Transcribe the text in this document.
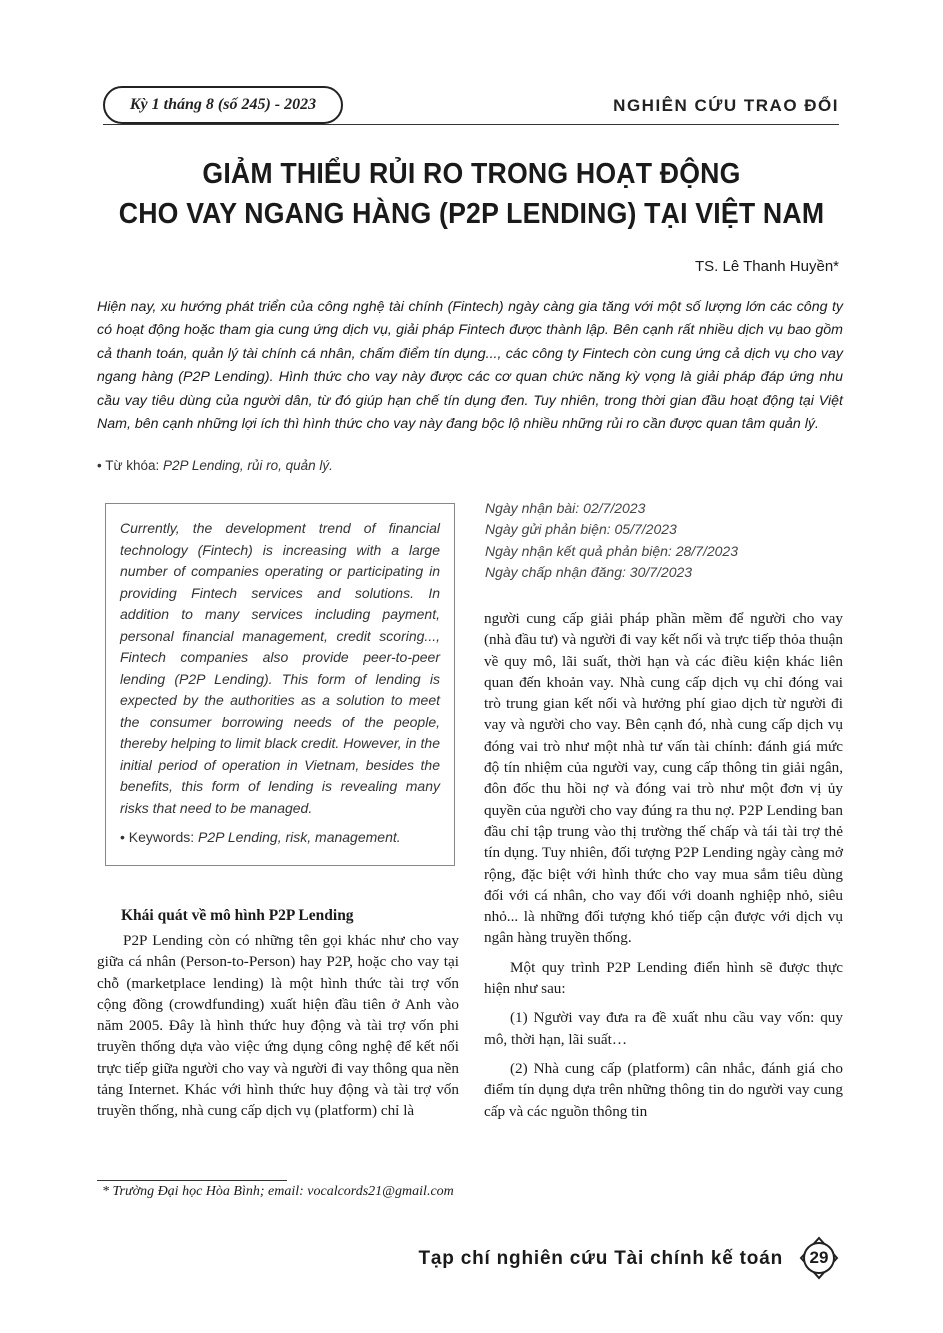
Kỳ 1 tháng 8 (số 245) - 2023	NGHIÊN CỨU TRAO ĐỔI
GIẢM THIỂU RỦI RO TRONG HOẠT ĐỘNG
CHO VAY NGANG HÀNG (P2P LENDING) TẠI VIỆT NAM
TS. Lê Thanh Huyền*

Hiện nay, xu hướng phát triển của công nghệ tài chính (Fintech) ngày càng gia tăng với một số lượng lớn các công ty có hoạt động hoặc tham gia cung ứng dịch vụ, giải pháp Fintech được thành lập. Bên cạnh rất nhiều dịch vụ bao gồm cả thanh toán, quản lý tài chính cá nhân, chấm điểm tín dụng..., các công ty Fintech còn cung ứng cả dịch vụ cho vay ngang hàng (P2P Lending). Hình thức cho vay này được các cơ quan chức năng kỳ vọng là giải pháp đáp ứng nhu cầu vay tiêu dùng của người dân, từ đó giúp hạn chế tín dụng đen. Tuy nhiên, trong thời gian đầu hoạt động tại Việt Nam, bên cạnh những lợi ích thì hình thức cho vay này đang bộc lộ nhiều những rủi ro cần được quan tâm quản lý.

• Từ khóa: P2P Lending, rủi ro, quản lý.

Currently, the development trend of financial technology (Fintech) is increasing with a large number of companies operating or participating in providing Fintech services and solutions. In addition to many services including payment, personal financial management, credit scoring..., Fintech companies also provide peer-to-peer lending (P2P Lending). This form of lending is expected by the authorities as a solution to meet the consumer borrowing needs of the people, thereby helping to limit black credit. However, in the initial period of operation in Vietnam, besides the benefits, this form of lending is revealing many risks that need to be managed.

• Keywords: P2P Lending, risk, management.

Ngày nhận bài: 02/7/2023
Ngày gửi phản biện: 05/7/2023
Ngày nhận kết quả phản biện: 28/7/2023
Ngày chấp nhận đăng: 30/7/2023
Khái quát về mô hình P2P Lending

P2P Lending còn có những tên gọi khác như cho vay giữa cá nhân (Person-to-Person) hay P2P, hoặc cho vay tại chỗ (marketplace lending) là một hình thức tài trợ vốn cộng đồng (crowdfunding) xuất hiện đầu tiên ở Anh vào năm 2005. Đây là hình thức huy động và tài trợ vốn phi truyền thống dựa vào việc ứng dụng công nghệ để kết nối trực tiếp giữa người cho vay và người đi vay thông qua nền tảng Internet. Khác với hình thức huy động và tài trợ vốn truyền thống, nhà cung cấp dịch vụ (platform) chỉ là

người cung cấp giải pháp phần mềm để người cho vay (nhà đầu tư) và người đi vay kết nối và trực tiếp thỏa thuận về quy mô, lãi suất, thời hạn và các điều kiện khác liên quan đến khoản vay. Nhà cung cấp dịch vụ chỉ đóng vai trò trung gian kết nối và hưởng phí giao dịch từ người đi vay và người cho vay. Bên cạnh đó, nhà cung cấp dịch vụ đóng vai trò như một nhà tư vấn tài chính: đánh giá mức độ tín nhiệm của người vay, cung cấp thông tin giải ngân, đôn đốc thu hồi nợ và đóng vai trò như một đơn vị ủy quyền của người cho vay đúng ra thu nợ. P2P Lending ban đầu chỉ tập trung vào thị trường thế chấp và tái tài trợ thẻ tín dụng. Tuy nhiên, đối tượng P2P Lending ngày càng mở rộng, đặc biệt với hình thức cho vay mua sắm tiêu dùng đối với cá nhân, cho vay đối với doanh nghiệp nhỏ, siêu nhỏ... là những đối tượng khó tiếp cận được với dịch vụ ngân hàng truyền thống.

Một quy trình P2P Lending điển hình sẽ được thực hiện như sau:

(1) Người vay đưa ra đề xuất nhu cầu vay vốn: quy mô, thời hạn, lãi suất…

(2) Nhà cung cấp (platform) cân nhắc, đánh giá cho điểm tín dụng dựa trên những thông tin do người vay cung cấp và các nguồn thông tin

* Trường Đại học Hòa Bình; email: vocalcords21@gmail.com
Tạp chí nghiên cứu Tài chính kế toán	29
